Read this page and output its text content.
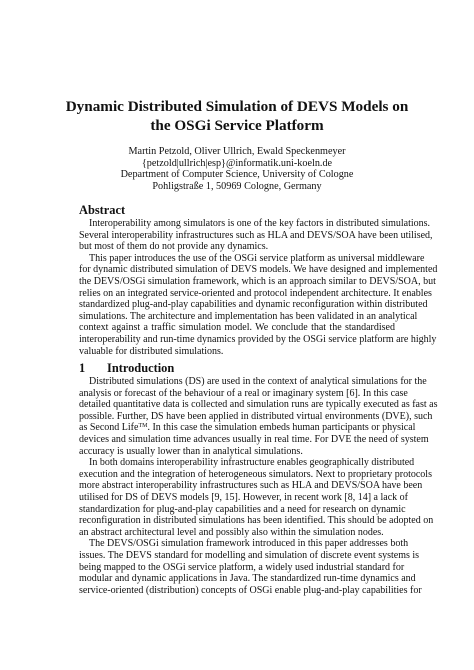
Dynamic Distributed Simulation of DEVS Models on
the OSGi Service Platform
Martin Petzold, Oliver Ullrich, Ewald Speckenmeyer
{petzold|ullrich|esp}@informatik.uni-koeln.de
Department of Computer Science, University of Cologne
Pohligstraße 1, 50969 Cologne, Germany
Abstract
Interoperability among simulators is one of the key factors in distributed simulations.
Several interoperability infrastructures such as HLA and DEVS/SOA have been utilised,
but most of them do not provide any dynamics.
This paper introduces the use of the OSGi service platform as universal middleware
for dynamic distributed simulation of DEVS models. We have designed and implemented
the DEVS/OSGi simulation framework, which is an approach similar to DEVS/SOA, but
relies on an integrated service-oriented and protocol independent architecture. It enables
standardized plug-and-play capabilities and dynamic reconfiguration within distributed
simulations. The architecture and implementation has been validated in an analytical
context against a traffic simulation model. We conclude that the standardised
interoperability and run-time dynamics provided by the OSGi service platform are highly
valuable for distributed simulations.
1 Introduction
Distributed simulations (DS) are used in the context of analytical simulations for the
analysis or forecast of the behaviour of a real or imaginary system [6]. In this case
detailed quantitative data is collected and simulation runs are typically executed as fast as
possible. Further, DS have been applied in distributed virtual environments (DVE), such
as Second Life™. In this case the simulation embeds human participants or physical
devices and simulation time advances usually in real time. For DVE the need of system
accuracy is usually lower than in analytical simulations.
In both domains interoperability infrastructure enables geographically distributed
execution and the integration of heterogeneous simulators. Next to proprietary protocols
more abstract interoperability infrastructures such as HLA and DEVS/SOA have been
utilised for DS of DEVS models [9, 15]. However, in recent work [8, 14] a lack of
standardization for plug-and-play capabilities and a need for research on dynamic
reconfiguration in distributed simulations has been identified. This should be adopted on
an abstract architectural level and possibly also within the simulation nodes.
The DEVS/OSGi simulation framework introduced in this paper addresses both
issues. The DEVS standard for modelling and simulation of discrete event systems is
being mapped to the OSGi service platform, a widely used industrial standard for
modular and dynamic applications in Java. The standardized run-time dynamics and
service-oriented (distribution) concepts of OSGi enable plug-and-play capabilities for
